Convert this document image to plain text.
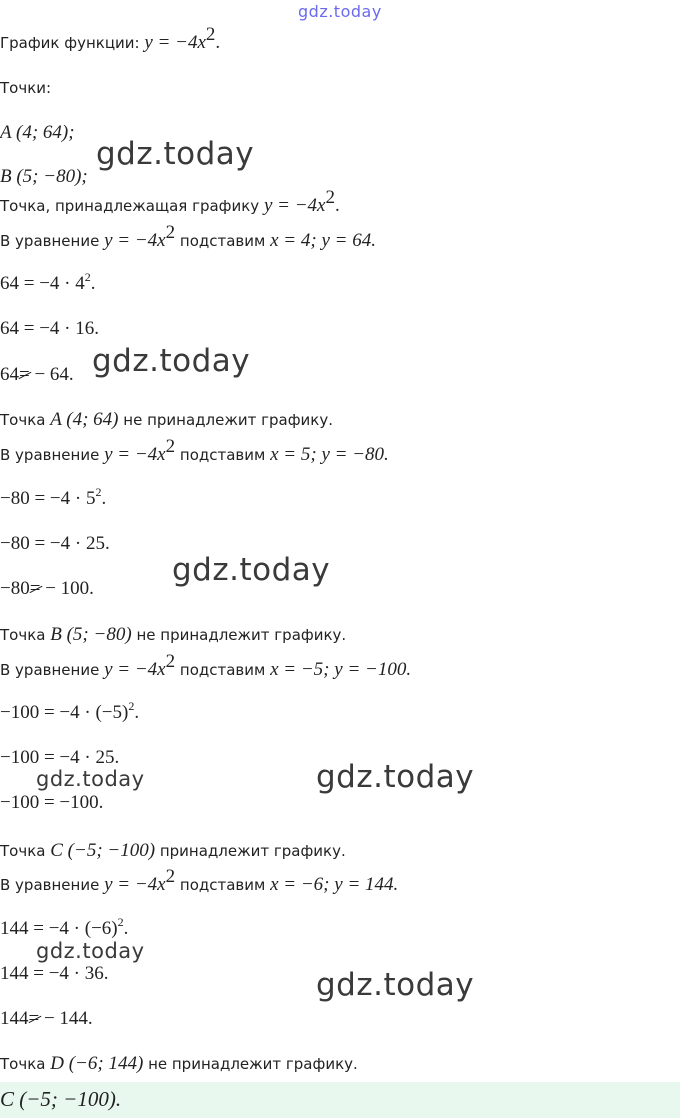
gdz.today
gdz.today
gdz.today
gdz.today
gdz.today	gdz.today
gdz.today
gdz.today
График функции: $y = -4x^2$.
Точки:
A (4; 64);
B (5; −80);
Точка, принадлежащая графику $y = -4x^2$.
В уравнение $y = -4x^2$ подставим x = 4; y = 64.
$64 = -4 \cdot 4^2$.
64 = −4 · 16.
64= − 64.
Точка A (4; 64) не принадлежит графику.
В уравнение $y = -4x^2$ подставим x = 5; y = −80.
$-80 = -4 \cdot 5^2$.
−80 = −4 · 25.
−80= − 100.
Точка B (5; −80) не принадлежит графику.
В уравнение $y = -4x^2$ подставим x = −5; y = −100.
$-100 = -4 \cdot (-5)^2$.
−100 = −4 · 25.
−100 = −100.
Точка C (−5; −100) принадлежит графику.
В уравнение $y = -4x^2$ подставим x = −6; y = 144.
$144 = -4 \cdot (-6)^2$.
144 = −4 · 36.
144= − 144.
Точка D (−6; 144) не принадлежит графику.
C (−5; −100).
